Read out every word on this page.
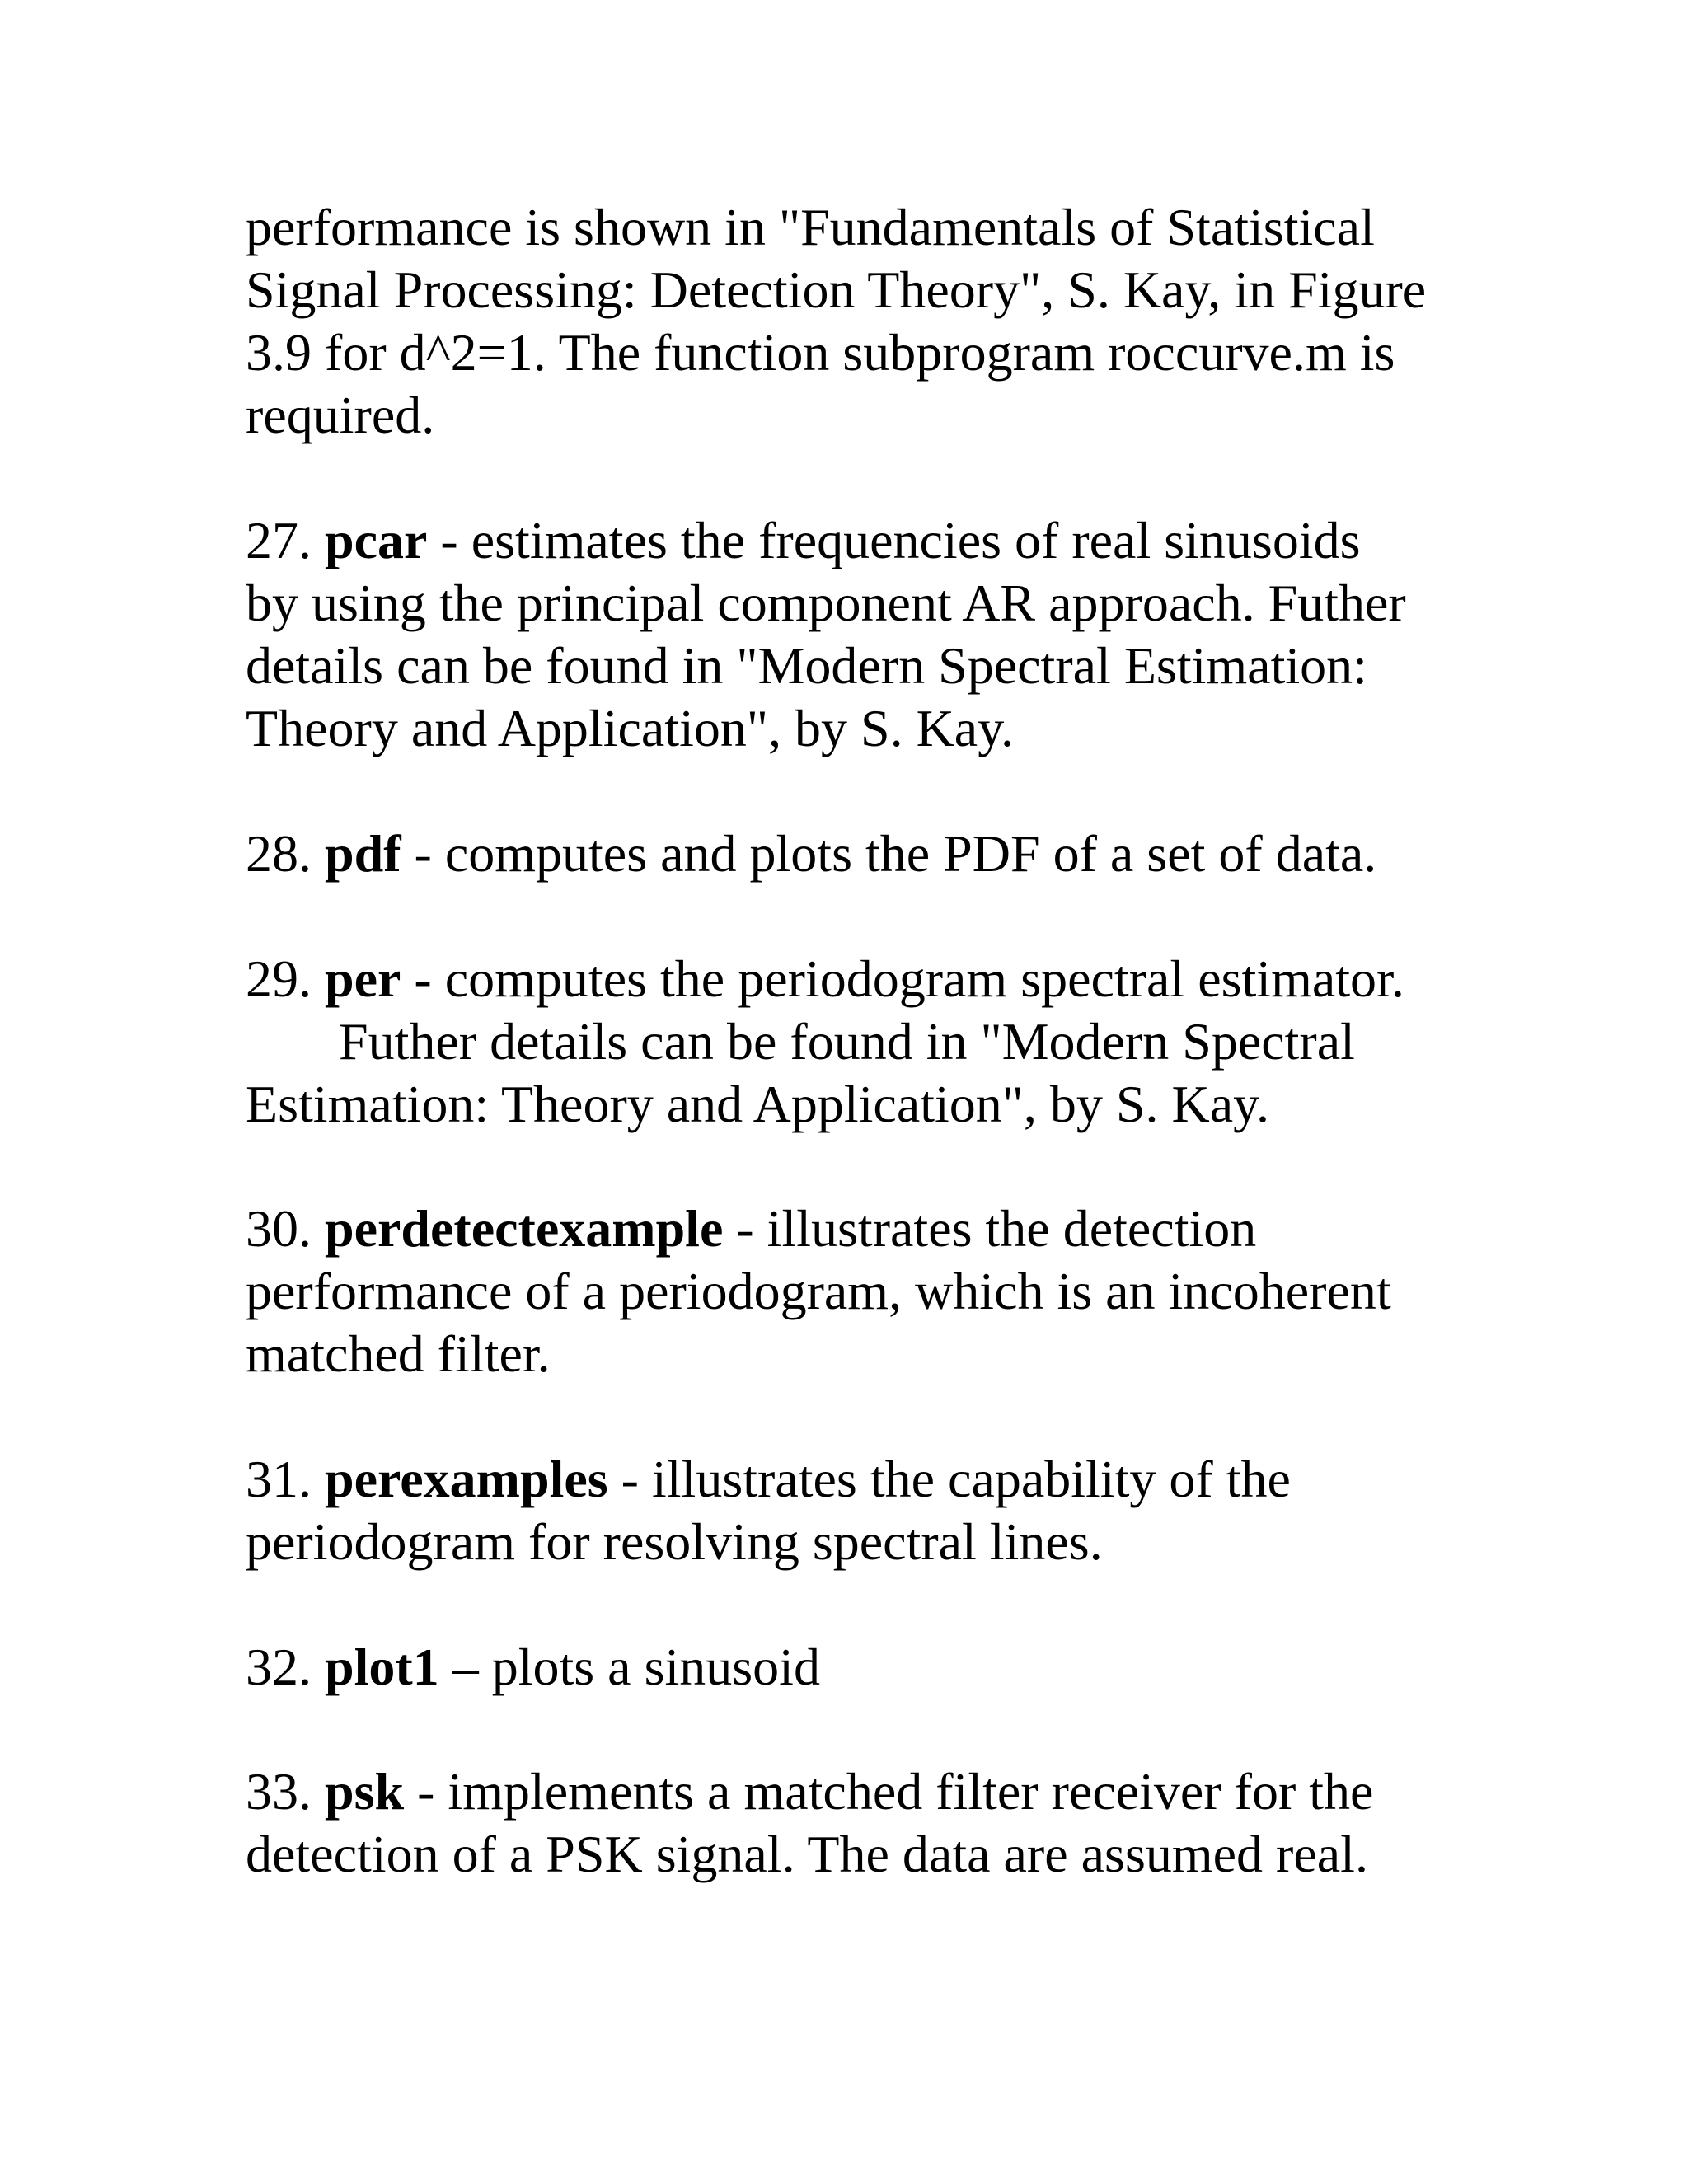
performance is shown in "Fundamentals of Statistical
Signal Processing: Detection Theory", S. Kay, in Figure
3.9 for d^2=1. The function subprogram roccurve.m is
required.
27. pcar - estimates the frequencies of real sinusoids
by using the principal component AR approach. Futher
details can be found in "Modern Spectral Estimation:
Theory and Application", by S. Kay.
28. pdf - computes and plots the PDF of a set of data.
29. per - computes the periodogram spectral estimator.
Futher details can be found in "Modern Spectral
Estimation: Theory and Application", by S. Kay.
30. perdetectexample - illustrates the detection
performance of a periodogram, which is an incoherent
matched filter.
31. perexamples - illustrates the capability of the
periodogram for resolving spectral lines.
32. plot1 – plots a sinusoid
33. psk - implements a matched filter receiver for the
detection of a PSK signal. The data are assumed real.
